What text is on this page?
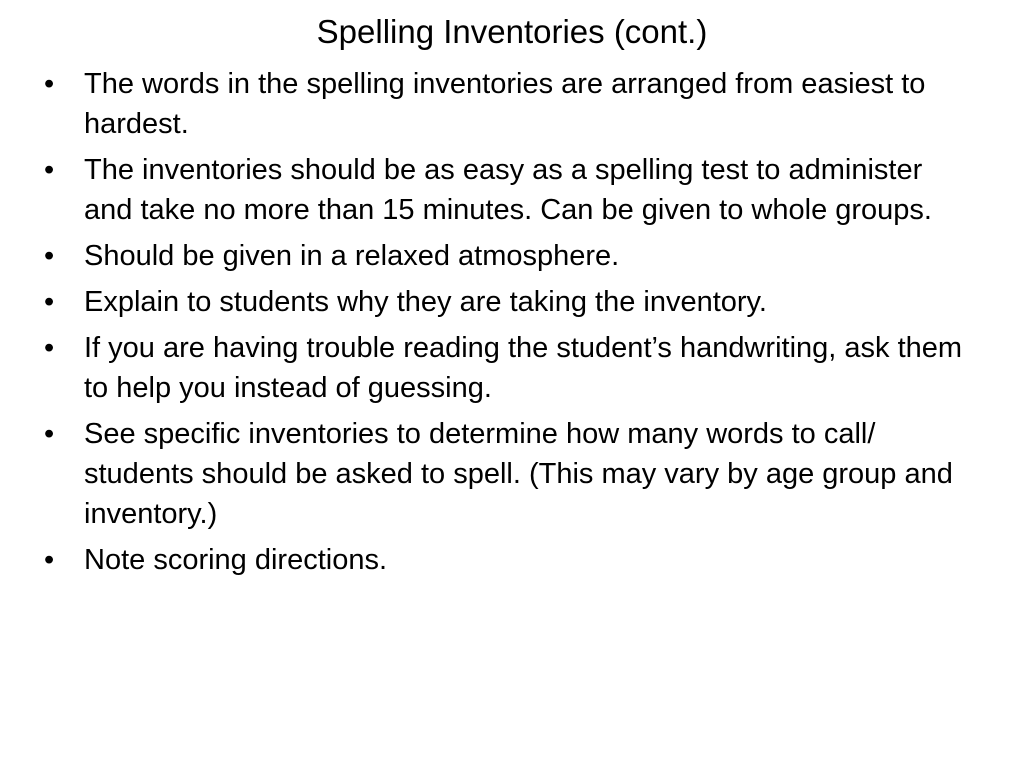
Spelling Inventories (cont.)
•	The words in the spelling inventories are arranged from easiest to hardest.
•	The inventories should be as easy as a spelling test to administer and take no more than 15 minutes. Can be given to whole groups.
•	Should be given in a relaxed atmosphere.
•	Explain to students why they are taking the inventory.
•	If you are having trouble reading the student’s handwriting, ask them to help you instead of guessing.
•	See specific inventories to determine how many words to call/ students should be asked to spell. (This may vary by age group and inventory.)
•	Note scoring directions.
